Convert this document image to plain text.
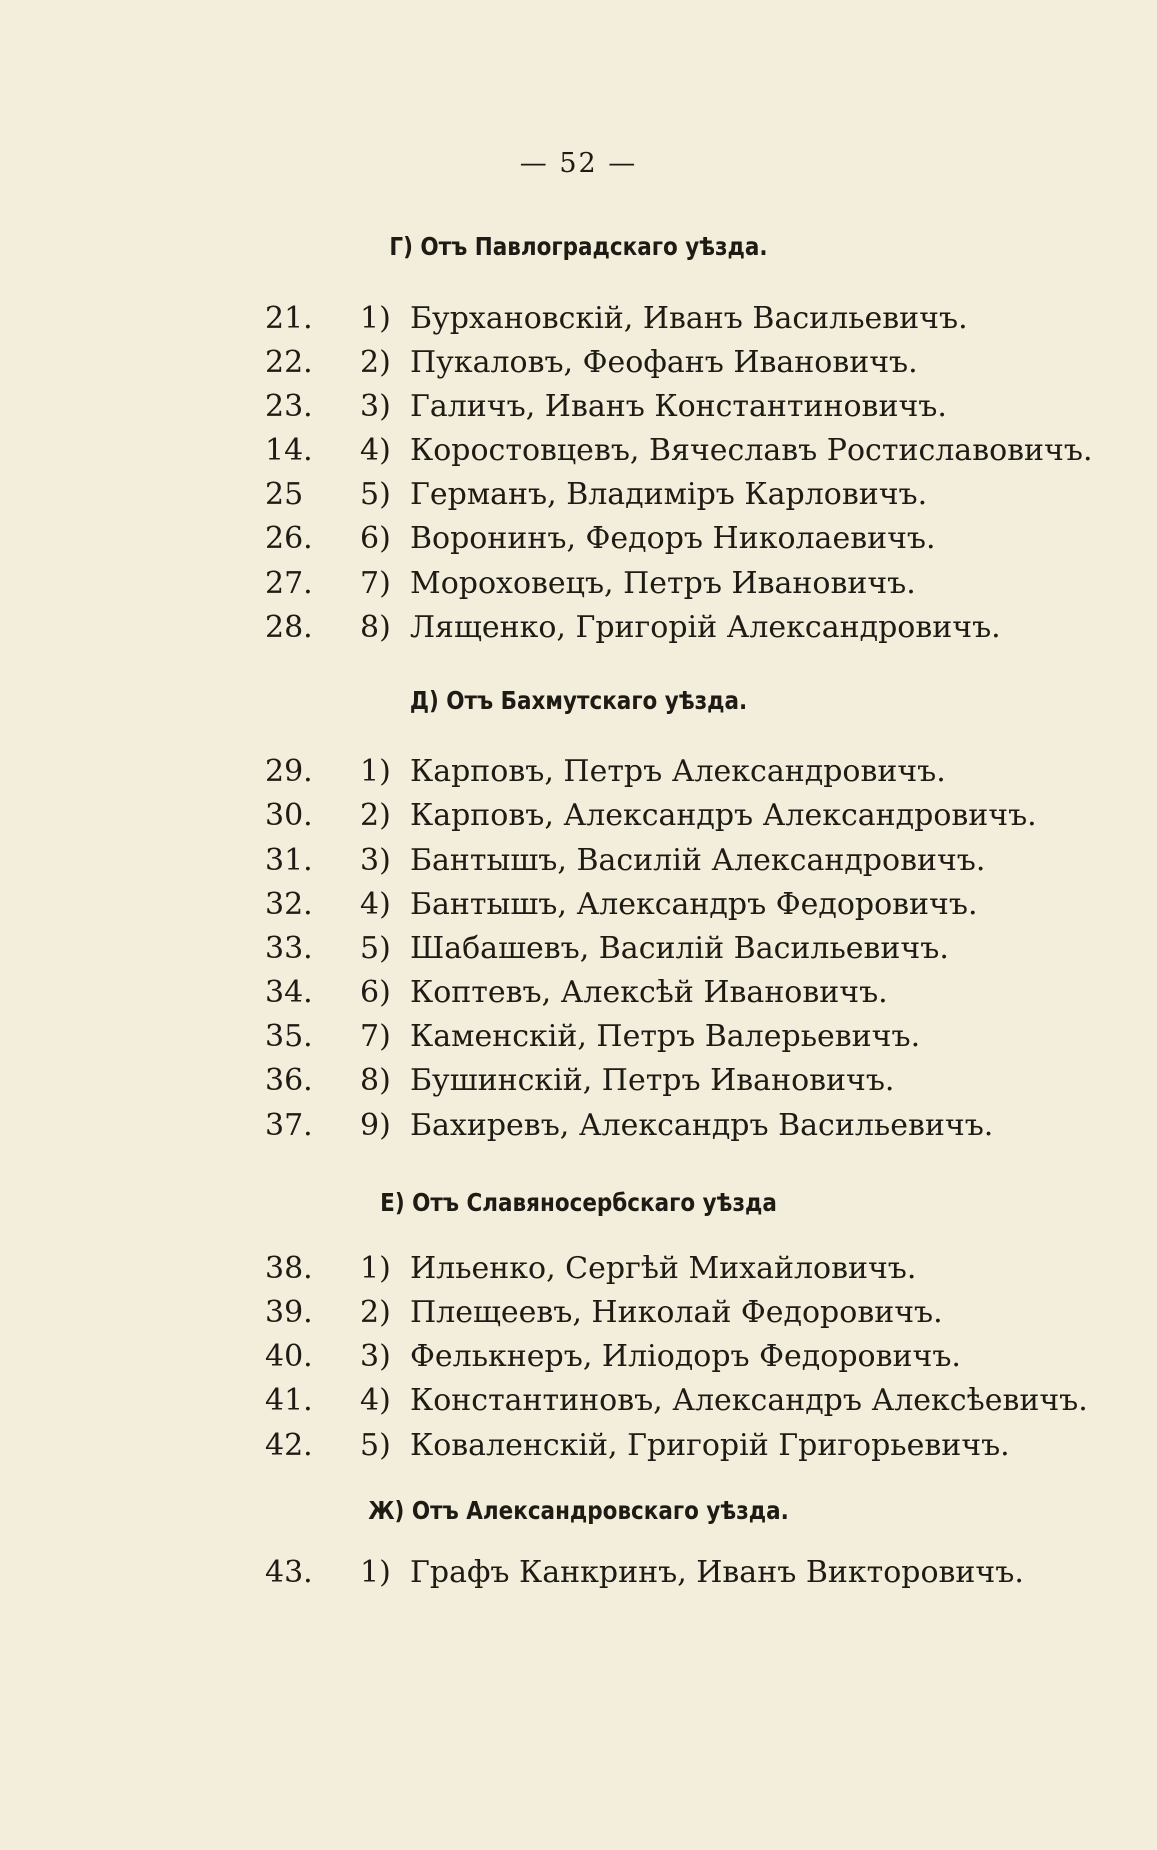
— 52 —
Г) Отъ Павлоградскаго уѣзда.
21.	1) Бурхановскій, Иванъ Васильевичъ.
22.	2) Пукаловъ, Феофанъ Ивановичъ.
23.	3) Галичъ, Иванъ Константиновичъ.
14.	4) Коростовцевъ, Вячеславъ Ростиславовичъ.
25	5) Германъ, Владиміръ Карловичъ.
26.	6) Воронинъ, Федоръ Николаевичъ.
27.	7) Мороховецъ, Петръ Ивановичъ.
28.	8) Лященко, Григорій Александровичъ.
Д) Отъ Бахмутскаго уѣзда.
29.	1) Карповъ, Петръ Александровичъ.
30.	2) Карповъ, Александръ Александровичъ.
31.	3) Бантышъ, Василій Александровичъ.
32.	4) Бантышъ, Александръ Федоровичъ.
33.	5) Шабашевъ, Василій Васильевичъ.
34.	6) Коптевъ, Алексѣй Ивановичъ.
35.	7) Каменскій, Петръ Валерьевичъ.
36.	8) Бушинскій, Петръ Ивановичъ.
37.	9) Бахиревъ, Александръ Васильевичъ.
Е) Отъ Славяносербскаго уѣзда
38.	1) Ильенко, Сергѣй Михайловичъ.
39.	2) Плещеевъ, Николай Федоровичъ.
40.	3) Фелькнеръ, Иліодоръ Федоровичъ.
41.	4) Константиновъ, Александръ Алексѣевичъ.
42.	5) Коваленскій, Григорій Григорьевичъ.
Ж) Отъ Александровскаго уѣзда.
43.	1) Графъ Канкринъ, Иванъ Викторовичъ.
